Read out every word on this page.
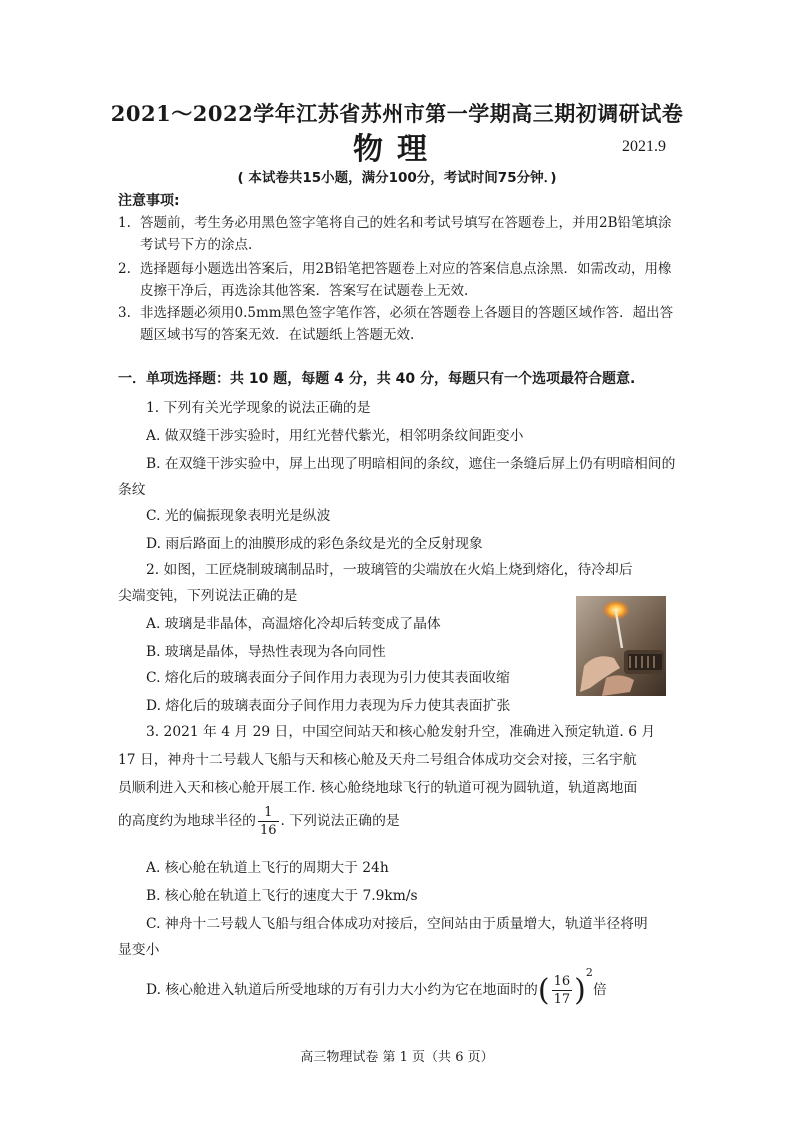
2021～2022学年江苏省苏州市第一学期高三期初调研试卷
物理	2021.9
( 本试卷共15小题，满分100分，考试时间75分钟．)
注意事项:
1. 答题前，考生务必用黑色签字笔将自己的姓名和考试号填写在答题卷上，并用2B铅笔填涂考试号下方的涂点.
2. 选择题每小题选出答案后，用2B铅笔把答题卷上对应的答案信息点涂黑．如需改动，用橡皮擦干净后，再选涂其他答案．答案写在试题卷上无效.
3. 非选择题必须用0.5mm黑色签字笔作答，必须在答题卷上各题目的答题区域作答．超出答题区域书写的答案无效．在试题纸上答题无效.
一．单项选择题：共 10 题，每题 4 分，共 40 分，每题只有一个选项最符合题意.
1. 下列有关光学现象的说法正确的是
A. 做双缝干涉实验时，用红光替代紫光，相邻明条纹间距变小
B. 在双缝干涉实验中，屏上出现了明暗相间的条纹，遮住一条缝后屏上仍有明暗相间的
条纹
C. 光的偏振现象表明光是纵波
D. 雨后路面上的油膜形成的彩色条纹是光的全反射现象
2. 如图，工匠烧制玻璃制品时，一玻璃管的尖端放在火焰上烧到熔化，待冷却后
尖端变钝，下列说法正确的是
A. 玻璃是非晶体，高温熔化冷却后转变成了晶体
B. 玻璃是晶体，导热性表现为各向同性
C. 熔化后的玻璃表面分子间作用力表现为引力使其表面收缩
D. 熔化后的玻璃表面分子间作用力表现为斥力使其表面扩张
3. 2021 年 4 月 29 日，中国空间站天和核心舱发射升空，准确进入预定轨道. 6 月
17 日，神舟十二号载人飞船与天和核心舱及天舟二号组合体成功交会对接，三名宇航
员顺利进入天和核心舱开展工作. 核心舱绕地球飞行的轨道可视为圆轨道，轨道离地面
的高度约为地球半径的 $\frac{1}{16}$ . 下列说法正确的是
A. 核心舱在轨道上飞行的周期大于 24h
B. 核心舱在轨道上飞行的速度大于 7.9km/s
C. 神舟十二号载人飞船与组合体成功对接后，空间站由于质量增大，轨道半径将明
显变小
D. 核心舱进入轨道后所受地球的万有引力大小约为它在地面时的( $\frac{16}{17} )^2$倍
高三物理试卷 第 1 页（共 6 页）
